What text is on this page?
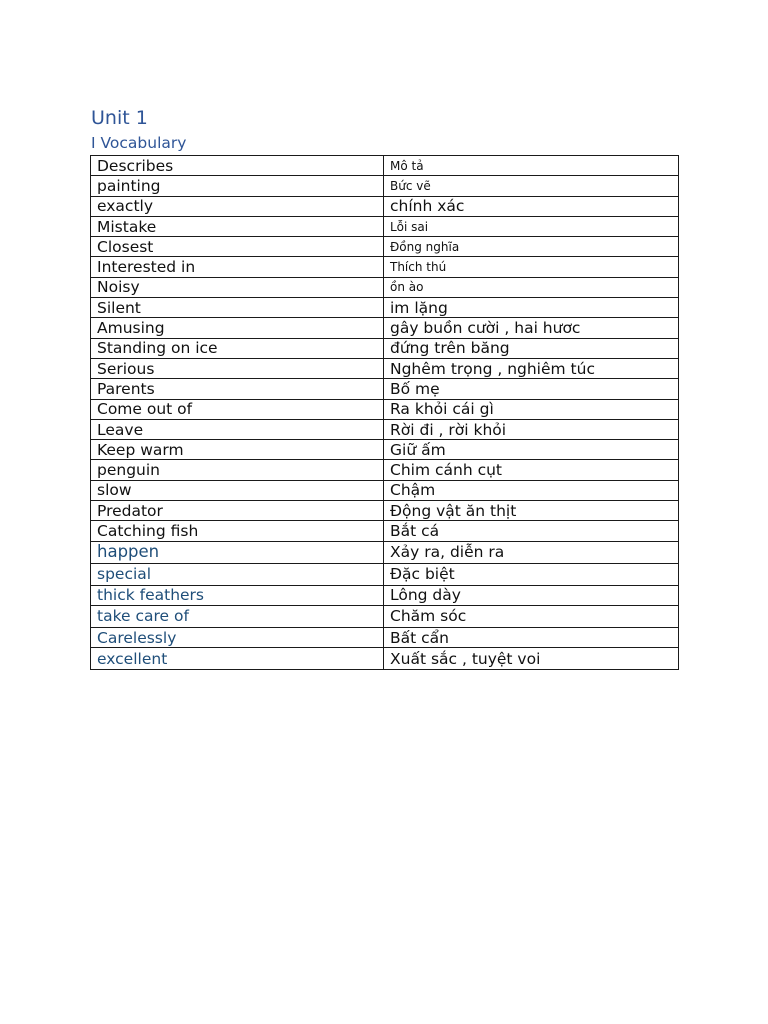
Unit 1
I Vocabulary
Describes	Mô tả
painting	Bức vẽ
exactly	chính xác
Mistake	Lỗi sai
Closest	Đồng nghĩa
Interested in	Thích thú
Noisy	ồn ào
Silent	im lặng
Amusing	gây buồn cười , hai hươc
Standing on ice	đứng trên băng
Serious	Nghêm trọng , nghiêm túc
Parents	Bố mẹ
Come out of	Ra khỏi cái gì
Leave	Rời đi , rời khỏi
Keep warm	Giữ ấm
penguin	Chim cánh cụt
slow	Chậm
Predator	Động vật ăn thịt
Catching fish	Bắt cá
happen	Xảy ra, diễn ra
special	Đặc biệt
thick feathers	Lông dày
take care of	Chăm sóc
Carelessly	Bất cẩn
excellent	Xuất sắc , tuyệt voi
